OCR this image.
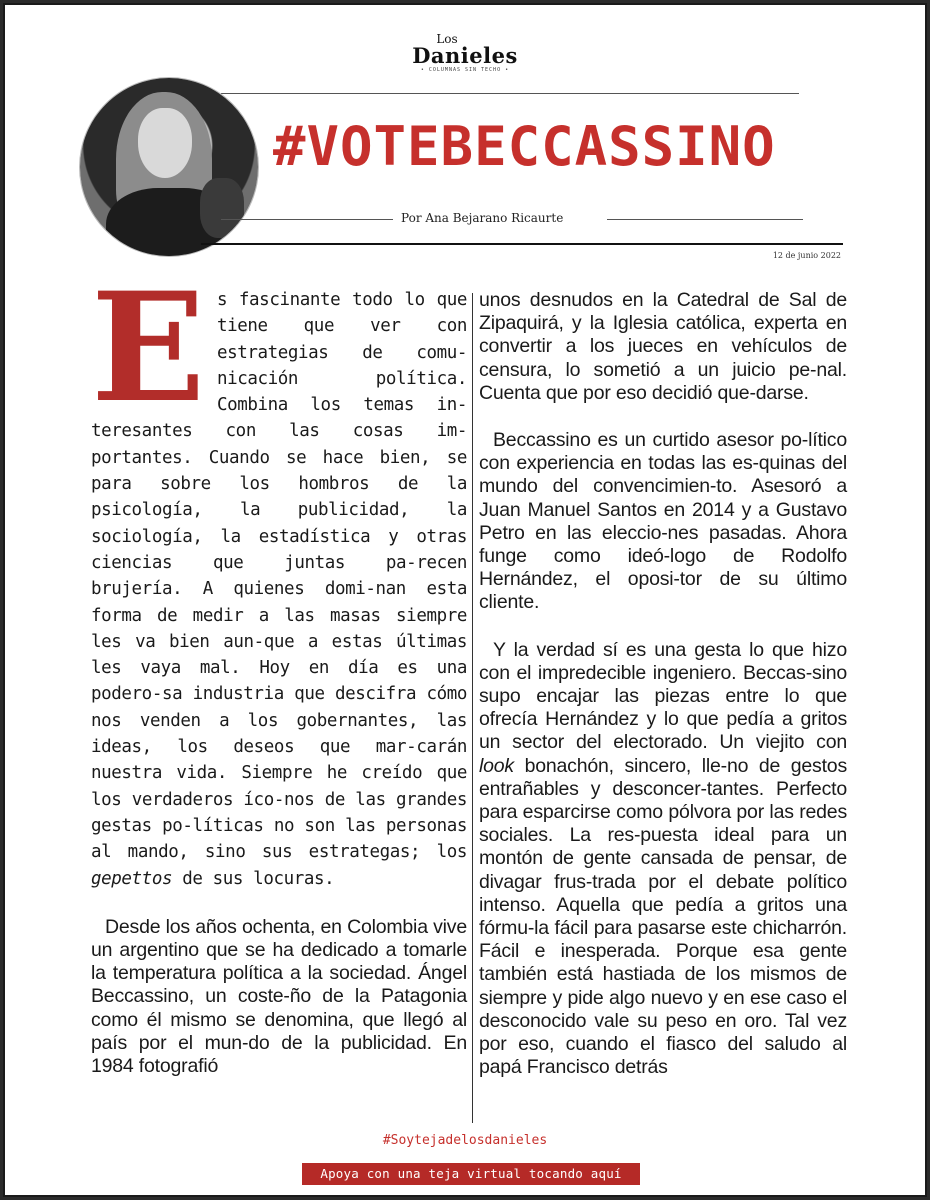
Los
Danieles
• COLUMNAS SIN TECHO •
#VOTEBECCASSINO
Por Ana Bejarano Ricaurte
12 de junio 2022

Es fascinante todo lo que tiene que ver con estrategias de comu-nicación política. Combina los temas in-teresantes con las cosas im-portantes. Cuando se hace bien, se para sobre los hombros de la psicología, la publicidad, la sociología, la estadística y otras ciencias que juntas pa-recen brujería. A quienes domi-nan esta forma de medir a las masas siempre les va bien aun-que a estas últimas les vaya mal. Hoy en día es una podero-sa industria que descifra cómo nos venden a los gobernantes, las ideas, los deseos que mar-carán nuestra vida. Siempre he creído que los verdaderos íco-nos de las grandes gestas po-líticas no son las personas al mando, sino sus estrategas; los gepettos de sus locuras.

Desde los años ochenta, en Colombia vive un argentino que se ha dedicado a tomarle la temperatura política a la sociedad. Ángel Beccassino, un coste-ño de la Patagonia como él mismo se denomina, que llegó al país por el mun-do de la publicidad. En 1984 fotografió

unos desnudos en la Catedral de Sal de Zipaquirá, y la Iglesia católica, experta en convertir a los jueces en vehículos de censura, lo sometió a un juicio pe-nal. Cuenta que por eso decidió que-darse.

Beccassino es un curtido asesor po-lítico con experiencia en todas las es-quinas del mundo del convencimien-to. Asesoró a Juan Manuel Santos en 2014 y a Gustavo Petro en las eleccio-nes pasadas. Ahora funge como ideó-logo de Rodolfo Hernández, el oposi-tor de su último cliente.

Y la verdad sí es una gesta lo que hizo con el impredecible ingeniero. Beccas-sino supo encajar las piezas entre lo que ofrecía Hernández y lo que pedía a gritos un sector del electorado. Un viejito con look bonachón, sincero, lle-no de gestos entrañables y desconcer-tantes. Perfecto para esparcirse como pólvora por las redes sociales. La res-puesta ideal para un montón de gente cansada de pensar, de divagar frus-trada por el debate político intenso. Aquella que pedía a gritos una fórmu-la fácil para pasarse este chicharrón. Fácil e inesperada. Porque esa gente también está hastiada de los mismos de siempre y pide algo nuevo y en ese caso el desconocido vale su peso en oro. Tal vez por eso, cuando el fiasco del saludo al papá Francisco detrás

#Soytejadelosdanieles
Apoya con una teja virtual tocando aquí
